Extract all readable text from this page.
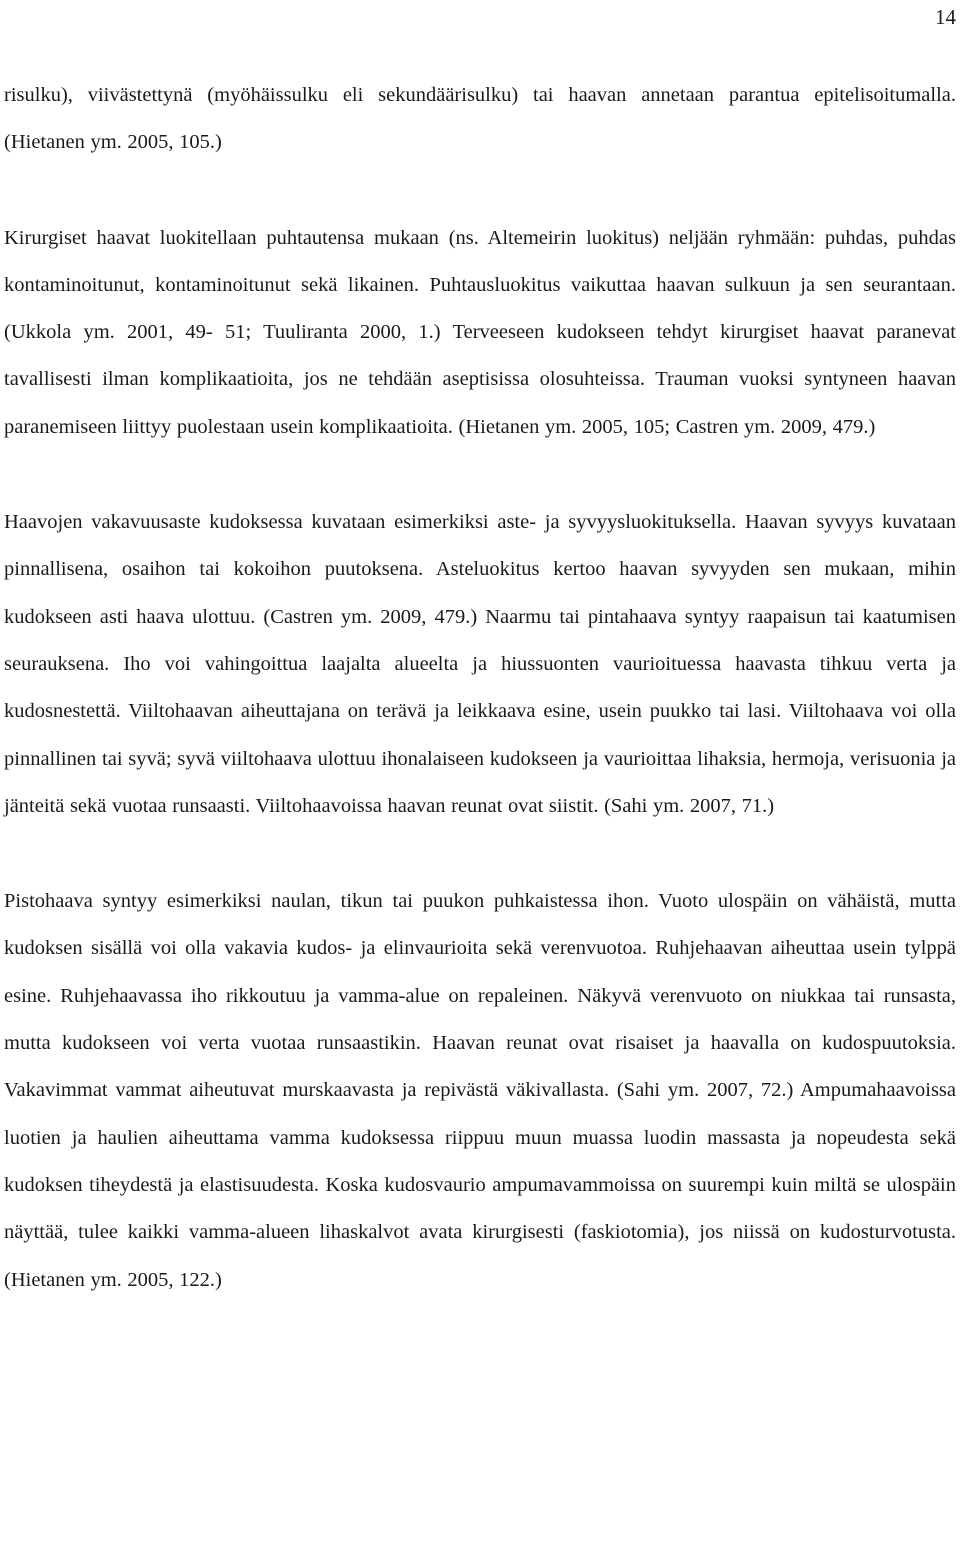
14

risulku), viivästettynä (myöhäissulku eli sekundäärisulku) tai haavan annetaan parantua epitelisoitumalla. (Hietanen ym. 2005, 105.)

Kirurgiset haavat luokitellaan puhtautensa mukaan (ns. Altemeirin luokitus) neljään ryhmään: puhdas, puhdas kontaminoitunut, kontaminoitunut sekä likainen. Puhtausluokitus vaikuttaa haavan sulkuun ja sen seurantaan. (Ukkola ym. 2001, 49- 51; Tuuliranta 2000, 1.) Terveeseen kudokseen tehdyt kirurgiset haavat paranevat tavallisesti ilman komplikaatioita, jos ne tehdään aseptisissa olosuhteissa. Trauman vuoksi syntyneen haavan paranemiseen liittyy puolestaan usein komplikaatioita. (Hietanen ym. 2005, 105; Castren ym. 2009, 479.)

Haavojen vakavuusaste kudoksessa kuvataan esimerkiksi aste- ja syvyysluokituksella. Haavan syvyys kuvataan pinnallisena, osaihon tai kokoihon puutoksena. Asteluokitus kertoo haavan syvyyden sen mukaan, mihin kudokseen asti haava ulottuu. (Castren ym. 2009, 479.) Naarmu tai pintahaava syntyy raapaisun tai kaatumisen seurauksena. Iho voi vahingoittua laajalta alueelta ja hiussuonten vaurioituessa haavasta tihkuu verta ja kudosnestettä. Viiltohaavan aiheuttajana on terävä ja leikkaava esine, usein puukko tai lasi. Viiltohaava voi olla pinnallinen tai syvä; syvä viiltohaava ulottuu ihonalaiseen kudokseen ja vaurioittaa lihaksia, hermoja, verisuonia ja jänteitä sekä vuotaa runsaasti. Viiltohaavoissa haavan reunat ovat siistit. (Sahi ym. 2007, 71.)

Pistohaava syntyy esimerkiksi naulan, tikun tai puukon puhkaistessa ihon. Vuoto ulospäin on vähäistä, mutta kudoksen sisällä voi olla vakavia kudos- ja elinvaurioita sekä verenvuotoa. Ruhjehaavan aiheuttaa usein tylppä esine. Ruhjehaavassa iho rikkoutuu ja vamma-alue on repaleinen. Näkyvä verenvuoto on niukkaa tai runsasta, mutta kudokseen voi verta vuotaa runsaastikin. Haavan reunat ovat risaiset ja haavalla on kudospuutoksia. Vakavimmat vammat aiheutuvat murskaavasta ja repivästä väkivallasta. (Sahi ym. 2007, 72.) Ampumahaavoissa luotien ja haulien aiheuttama vamma kudoksessa riippuu muun muassa luodin massasta ja nopeudesta sekä kudoksen tiheydestä ja elastisuudesta. Koska kudosvaurio ampumavammoissa on suurempi kuin miltä se ulospäin näyttää, tulee kaikki vamma-alueen lihaskalvot avata kirurgisesti (faskiotomia), jos niissä on kudosturvotusta. (Hietanen ym. 2005, 122.)
